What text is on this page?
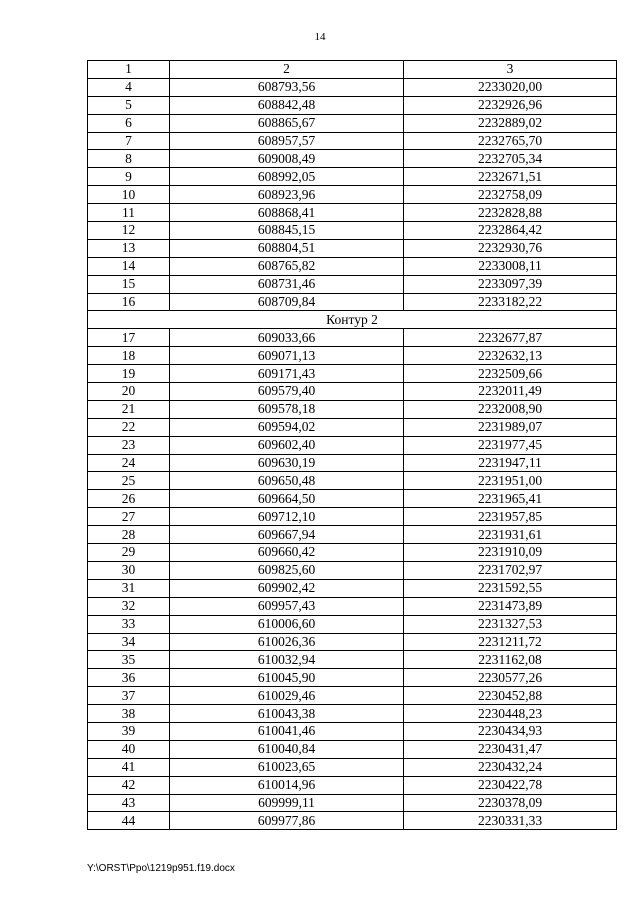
14
1	2	3
4	608793,56	2233020,00
5	608842,48	2232926,96
6	608865,67	2232889,02
7	608957,57	2232765,70
8	609008,49	2232705,34
9	608992,05	2232671,51
10	608923,96	2232758,09
11	608868,41	2232828,88
12	608845,15	2232864,42
13	608804,51	2232930,76
14	608765,82	2233008,11
15	608731,46	2233097,39
16	608709,84	2233182,22
Контур 2		
17	609033,66	2232677,87
18	609071,13	2232632,13
19	609171,43	2232509,66
20	609579,40	2232011,49
21	609578,18	2232008,90
22	609594,02	2231989,07
23	609602,40	2231977,45
24	609630,19	2231947,11
25	609650,48	2231951,00
26	609664,50	2231965,41
27	609712,10	2231957,85
28	609667,94	2231931,61
29	609660,42	2231910,09
30	609825,60	2231702,97
31	609902,42	2231592,55
32	609957,43	2231473,89
33	610006,60	2231327,53
34	610026,36	2231211,72
35	610032,94	2231162,08
36	610045,90	2230577,26
37	610029,46	2230452,88
38	610043,38	2230448,23
39	610041,46	2230434,93
40	610040,84	2230431,47
41	610023,65	2230432,24
42	610014,96	2230422,78
43	609999,11	2230378,09
44	609977,86	2230331,33
Y:\ORST\Ppo\1219p951.f19.docx
